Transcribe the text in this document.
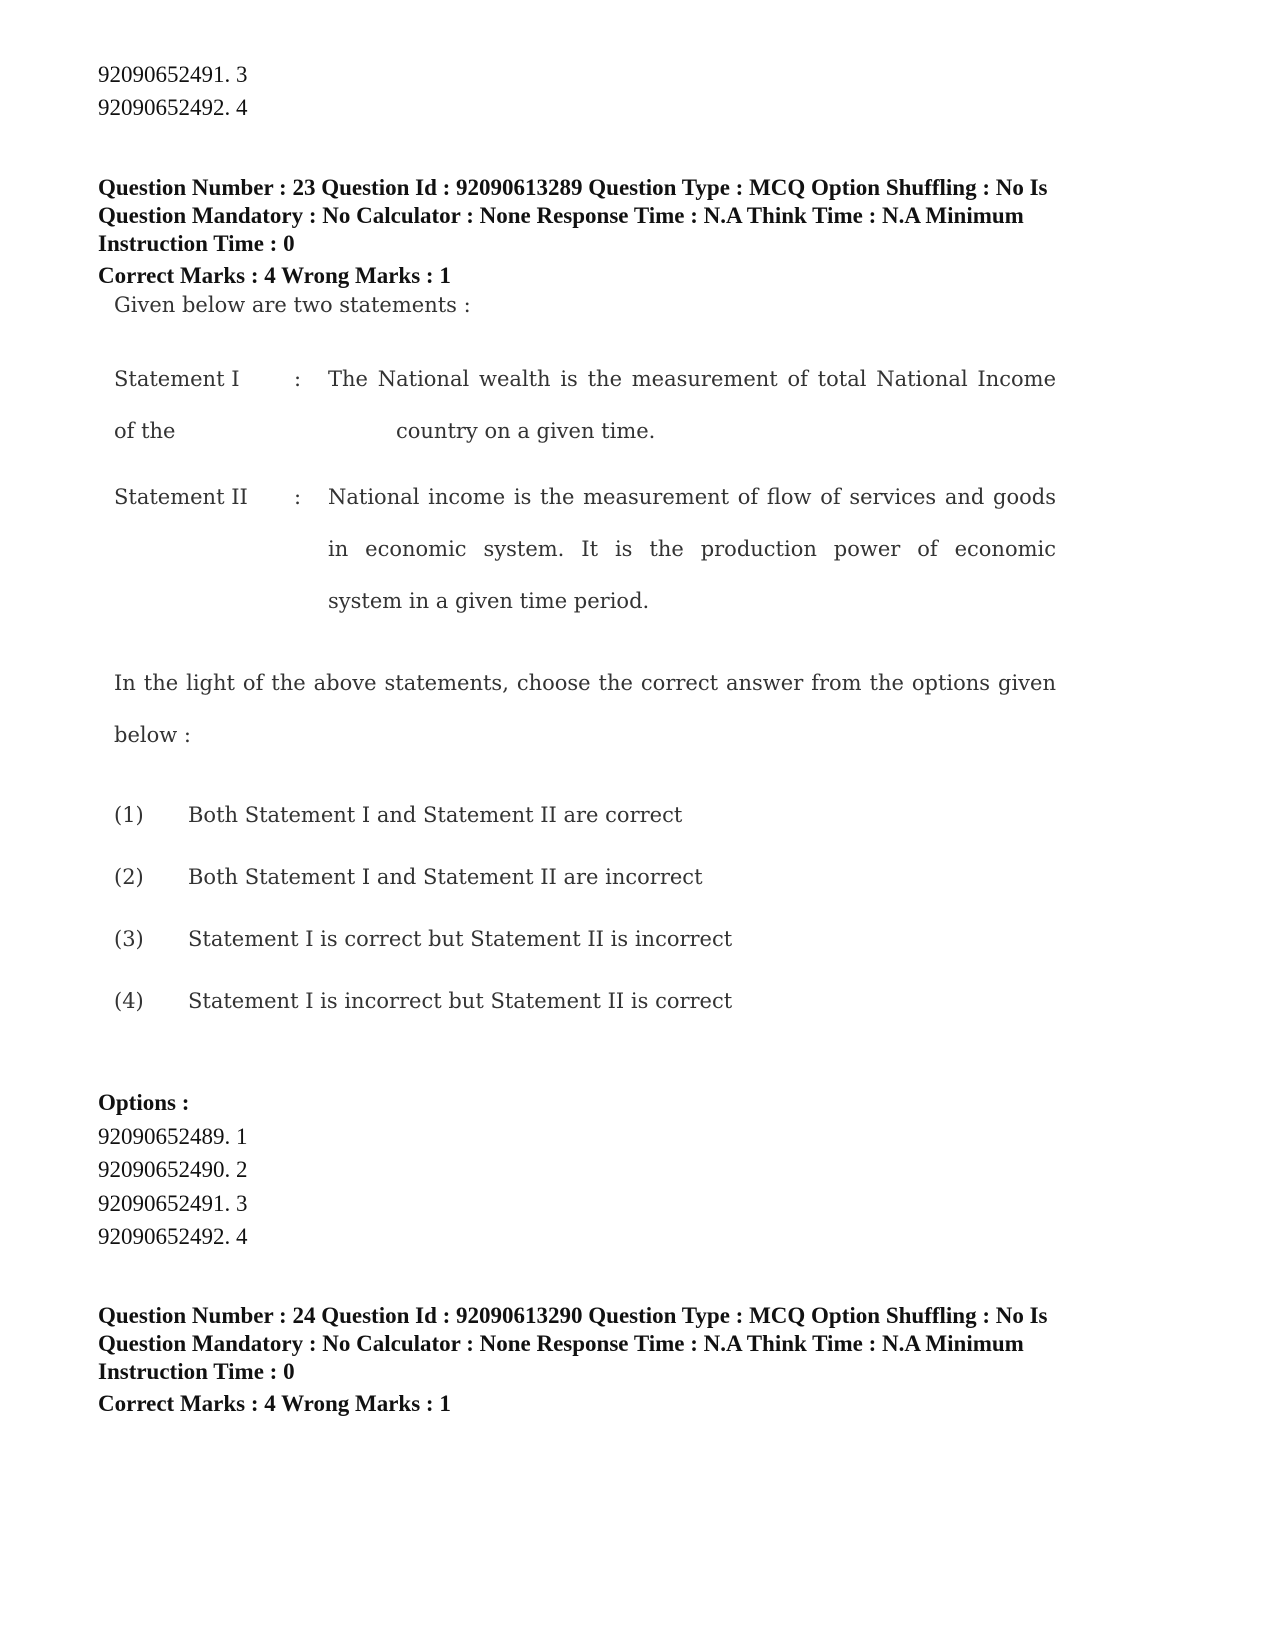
92090652491. 3
92090652492. 4
Question Number : 23 Question Id : 92090613289 Question Type : MCQ Option Shuffling : No Is
Question Mandatory : No Calculator : None Response Time : N.A Think Time : N.A Minimum
Instruction Time : 0
Correct Marks : 4 Wrong Marks : 1
Given below are two statements :
Statement I	: The National wealth is the measurement of total National Income
of the	country on a given time.
Statement II : National income is the measurement of flow of services and goods
in economic system. It is the production power of economic
system in a given time period.
In the light of the above statements, choose the correct answer from the options given
below :
(1) Both Statement I and Statement II are correct
(2) Both Statement I and Statement II are incorrect
(3) Statement I is correct but Statement II is incorrect
(4) Statement I is incorrect but Statement II is correct
Options :
92090652489. 1
92090652490. 2
92090652491. 3
92090652492. 4
Question Number : 24 Question Id : 92090613290 Question Type : MCQ Option Shuffling : No Is
Question Mandatory : No Calculator : None Response Time : N.A Think Time : N.A Minimum
Instruction Time : 0
Correct Marks : 4 Wrong Marks : 1
